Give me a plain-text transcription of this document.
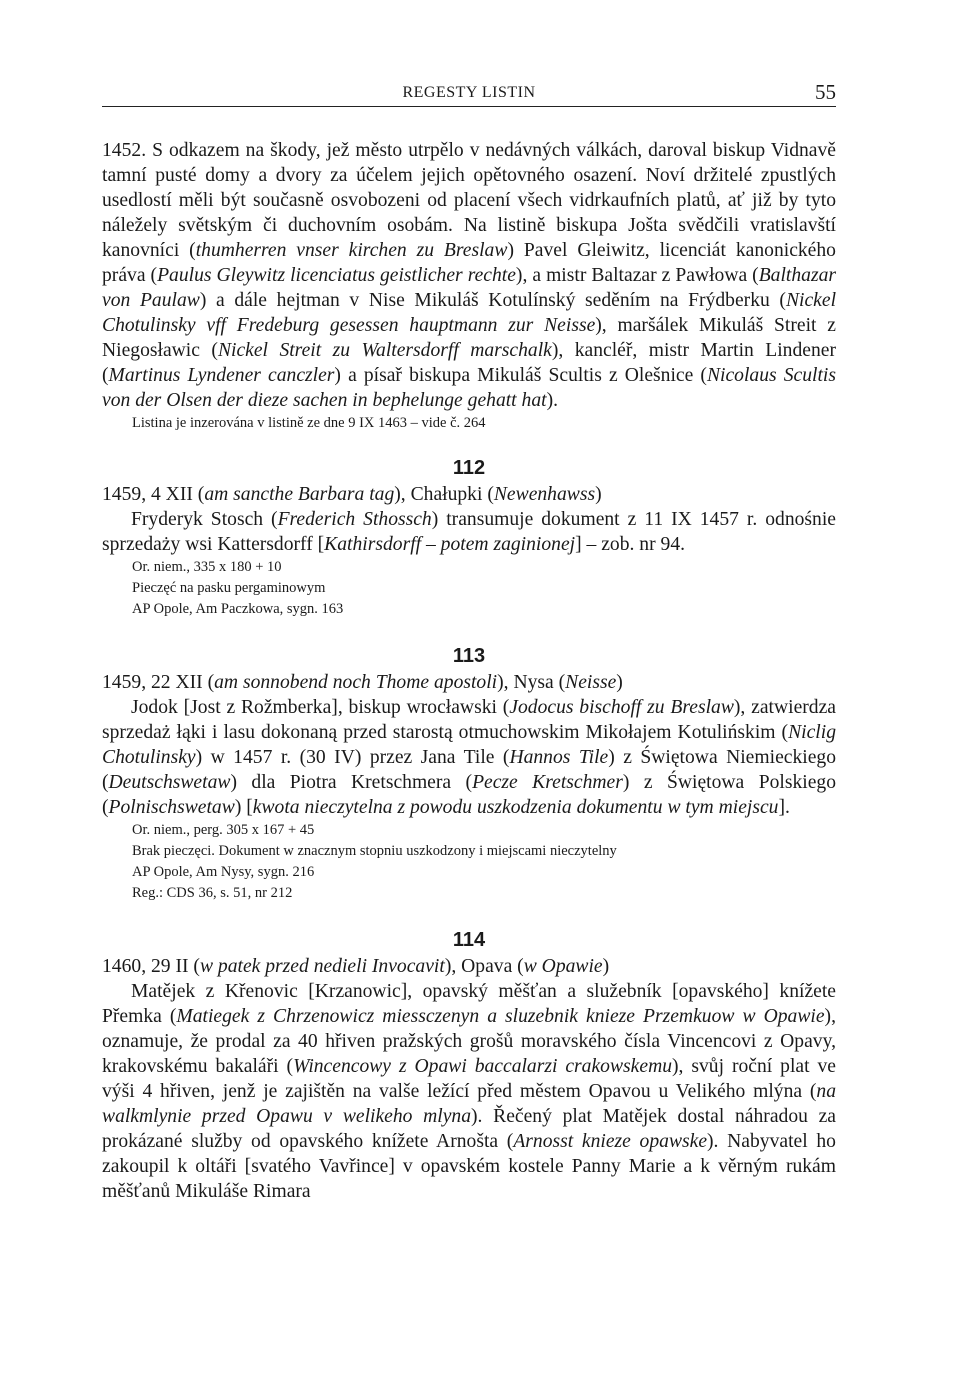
REGESTY LISTIN	55

1452. S odkazem na škody, jež město utrpělo v nedávných válkách, daroval biskup Vidnavě tamní pusté domy a dvory za účelem jejich opětovného osazení. Noví držitelé zpustlých usedlostí měli být současně osvobozeni od placení všech vidrkaufních platů, ať již by tyto náležely světským či duchovním osobám. Na listině biskupa Jošta svědčili vratislavští kanovníci (thumherren vnser kirchen zu Breslaw) Pavel Gleiwitz, licenciát kanonického práva (Paulus Gleywitz licenciatus geistlicher rechte), a mistr Baltazar z Pawłowa (Balthazar von Paulaw) a dále hejtman v Nise Mikuláš Kotulínský seděním na Frýdberku (Nickel Chotulinsky vff Fredeburg gesessen hauptmann zur Neisse), maršálek Mikuláš Streit z Niegosławic (Nickel Streit zu Waltersdorff marschalk), kancléř, mistr Martin Lindener (Martinus Lyndener canczler) a písař biskupa Mikuláš Scultis z Olešnice (Nicolaus Scultis von der Olsen der dieze sachen in bephelunge gehatt hat).

Listina je inzerována v listině ze dne 9 IX 1463 – vide č. 264
112

1459, 4 XII (am sancthe Barbara tag), Chałupki (Newenhawss)

Fryderyk Stosch (Frederich Sthossch) transumuje dokument z 11 IX 1457 r. odnośnie sprzedaży wsi Kattersdorff [Kathirsdorff – potem zaginionej] – zob. nr 94.

Or. niem., 335 x 180 + 10
Pieczęć na pasku pergaminowym
AP Opole, Am Paczkowa, sygn. 163
113

1459, 22 XII (am sonnobend noch Thome apostoli), Nysa (Neisse)

Jodok [Jost z Rožmberka], biskup wrocławski (Jodocus bischoff zu Breslaw), zatwierdza sprzedaż łąki i lasu dokonaną przed starostą otmuchowskim Mikołajem Kotulińskim (Niclig Chotulinsky) w 1457 r. (30 IV) przez Jana Tile (Hannos Tile) z Świętowa Niemieckiego (Deutschswetaw) dla Piotra Kretschmera (Pecze Kretschmer) z Świętowa Polskiego (Polnischswetaw) [kwota nieczytelna z powodu uszkodzenia dokumentu w tym miejscu].

Or. niem., perg. 305 x 167 + 45
Brak pieczęci. Dokument w znacznym stopniu uszkodzony i miejscami nieczytelny
AP Opole, Am Nysy, sygn. 216
Reg.: CDS 36, s. 51, nr 212
114

1460, 29 II (w patek przed nedieli Invocavit), Opava (w Opawie)

Matějek z Křenovic [Krzanowic], opavský měšťan a služebník [opavského] knížete Přemka (Matiegek z Chrzenowicz miessczenyn a sluzebnik knieze Przemkuow w Opawie), oznamuje, že prodal za 40 hřiven pražských grošů moravského čísla Vincencovi z Opavy, krakovskému bakaláři (Wincencowy z Opawi baccalarzi crakowskemu), svůj roční plat ve výši 4 hřiven, jenž je zajištěn na valše ležící před městem Opavou u Velikého mlýna (na walkmlynie przed Opawu v welikeho mlyna). Řečený plat Matějek dostal náhradou za prokázané služby od opavského knížete Arnošta (Arnosst knieze opawske). Nabyvatel ho zakoupil k oltáři [svatého Vavřince] v opavském kostele Panny Marie a k věrným rukám měšťanů Mikuláše Rimara
